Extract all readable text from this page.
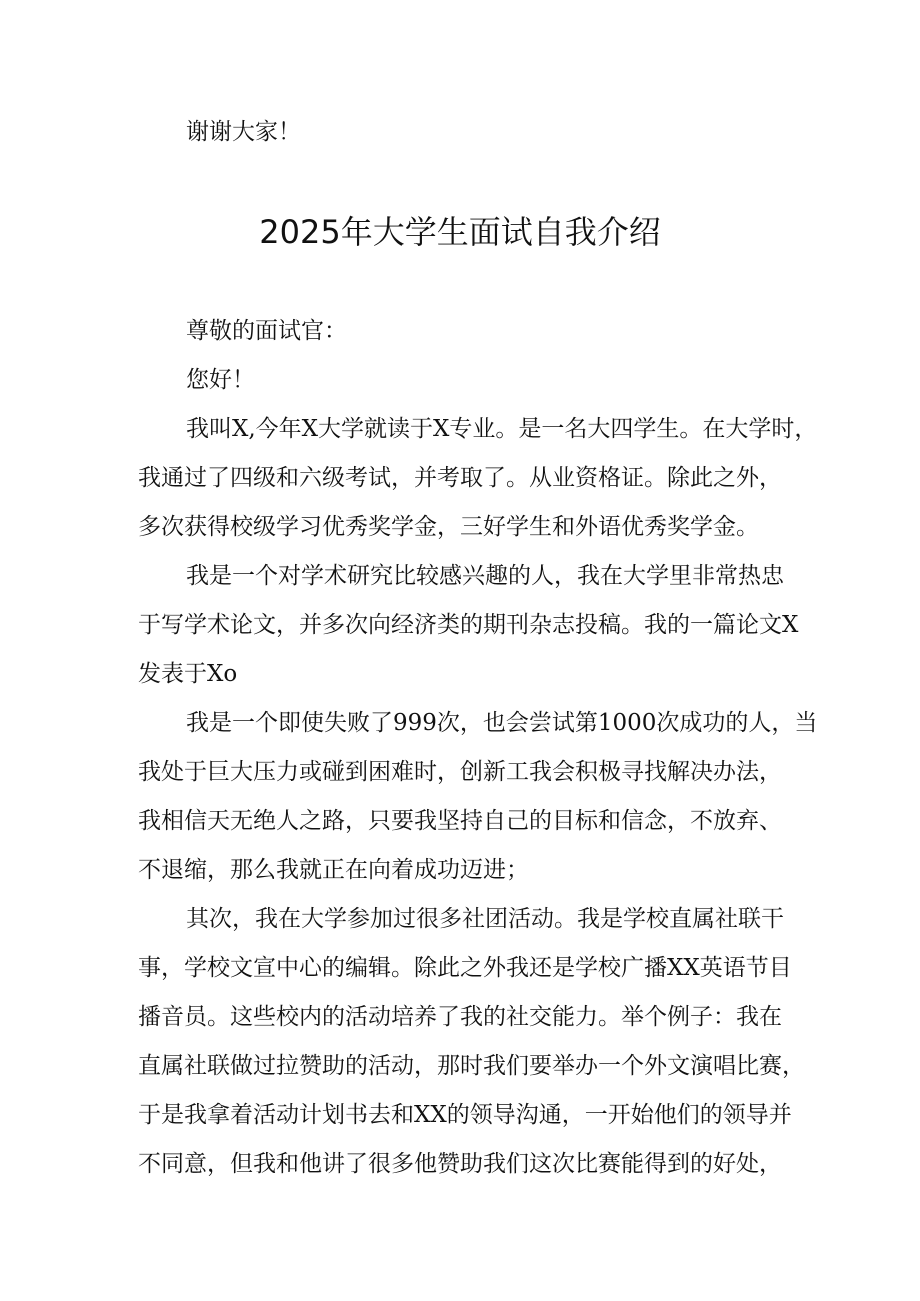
谢谢大家！

2025年大学生面试自我介绍
尊敬的面试官：
您好！
我叫X,今年X大学就读于X专业。是一名大四学生。在大学时，
我通过了四级和六级考试，并考取了。从业资格证。除此之外，
多次获得校级学习优秀奖学金，三好学生和外语优秀奖学金。
我是一个对学术研究比较感兴趣的人，我在大学里非常热忠
于写学术论文，并多次向经济类的期刊杂志投稿。我的一篇论文X
发表于Xo
我是一个即使失败了999次，也会尝试第1000次成功的人，当
我处于巨大压力或碰到困难时，创新工我会积极寻找解决办法，
我相信天无绝人之路，只要我坚持自己的目标和信念，不放弃、
不退缩，那么我就正在向着成功迈进；
其次，我在大学参加过很多社团活动。我是学校直属社联干
事，学校文宣中心的编辑。除此之外我还是学校广播XX英语节目
播音员。这些校内的活动培养了我的社交能力。举个例子：我在
直属社联做过拉赞助的活动，那时我们要举办一个外文演唱比赛，
于是我拿着活动计划书去和XX的领导沟通，一开始他们的领导并
不同意，但我和他讲了很多他赞助我们这次比赛能得到的好处，
